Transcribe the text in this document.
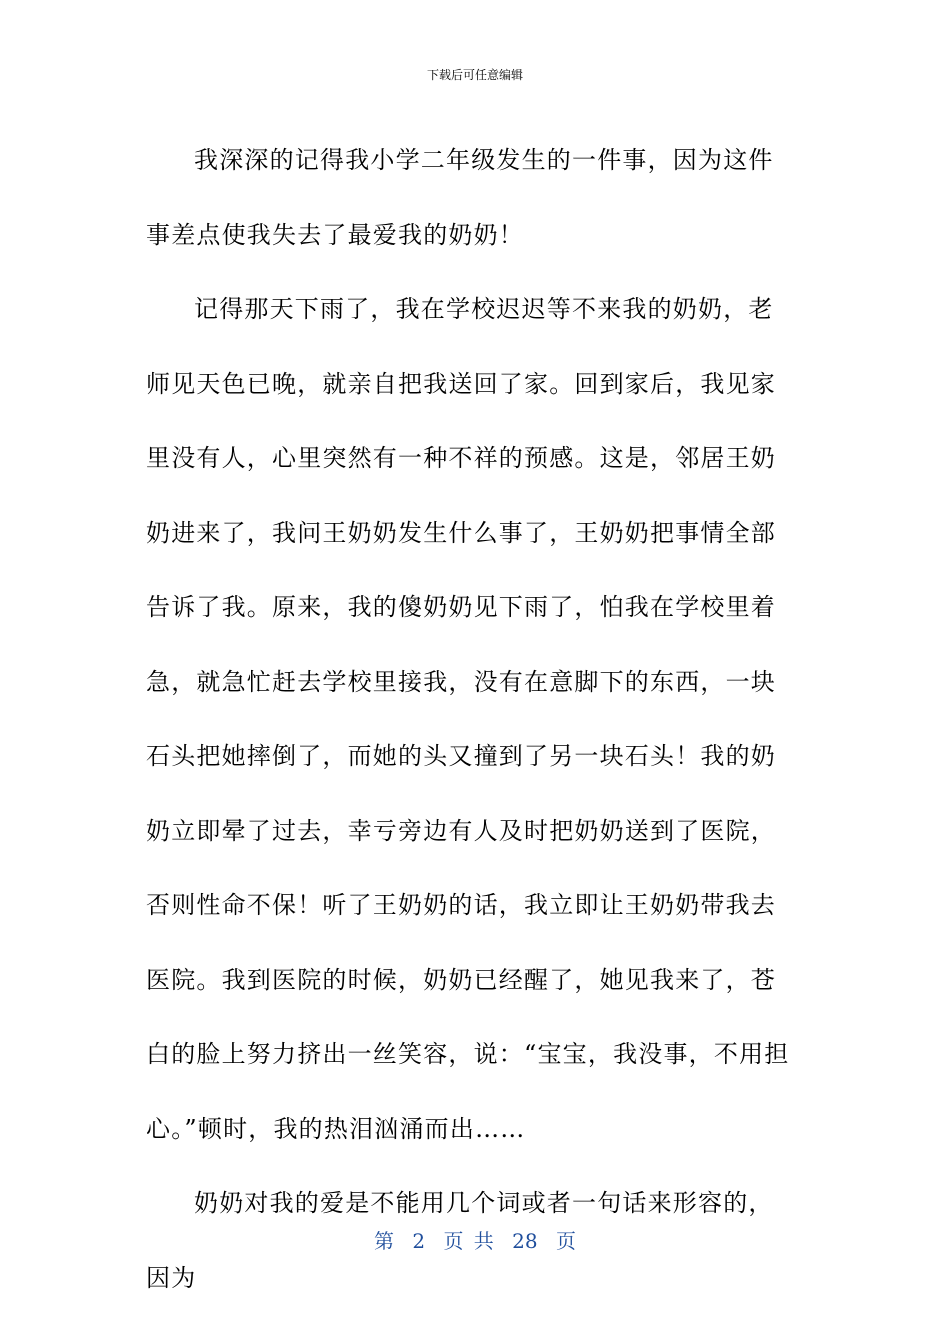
下载后可任意编辑

我深深的记得我小学二年级发生的一件事，因为这件事差点使我失去了最爱我的奶奶！

记得那天下雨了，我在学校迟迟等不来我的奶奶，老师见天色已晚，就亲自把我送回了家。回到家后，我见家里没有人，心里突然有一种不祥的预感。这是，邻居王奶奶进来了，我问王奶奶发生什么事了，王奶奶把事情全部告诉了我。原来，我的傻奶奶见下雨了，怕我在学校里着急，就急忙赶去学校里接我，没有在意脚下的东西，一块石头把她摔倒了，而她的头又撞到了另一块石头！我的奶奶立即晕了过去，幸亏旁边有人及时把奶奶送到了医院，否则性命不保！听了王奶奶的话，我立即让王奶奶带我去医院。我到医院的时候，奶奶已经醒了，她见我来了，苍白的脸上努力挤出一丝笑容，说：“宝宝，我没事，不用担心。”顿时，我的热泪汹涌而出……

奶奶对我的爱是不能用几个词或者一句话来形容的，因为

第 2 页 共 28 页
